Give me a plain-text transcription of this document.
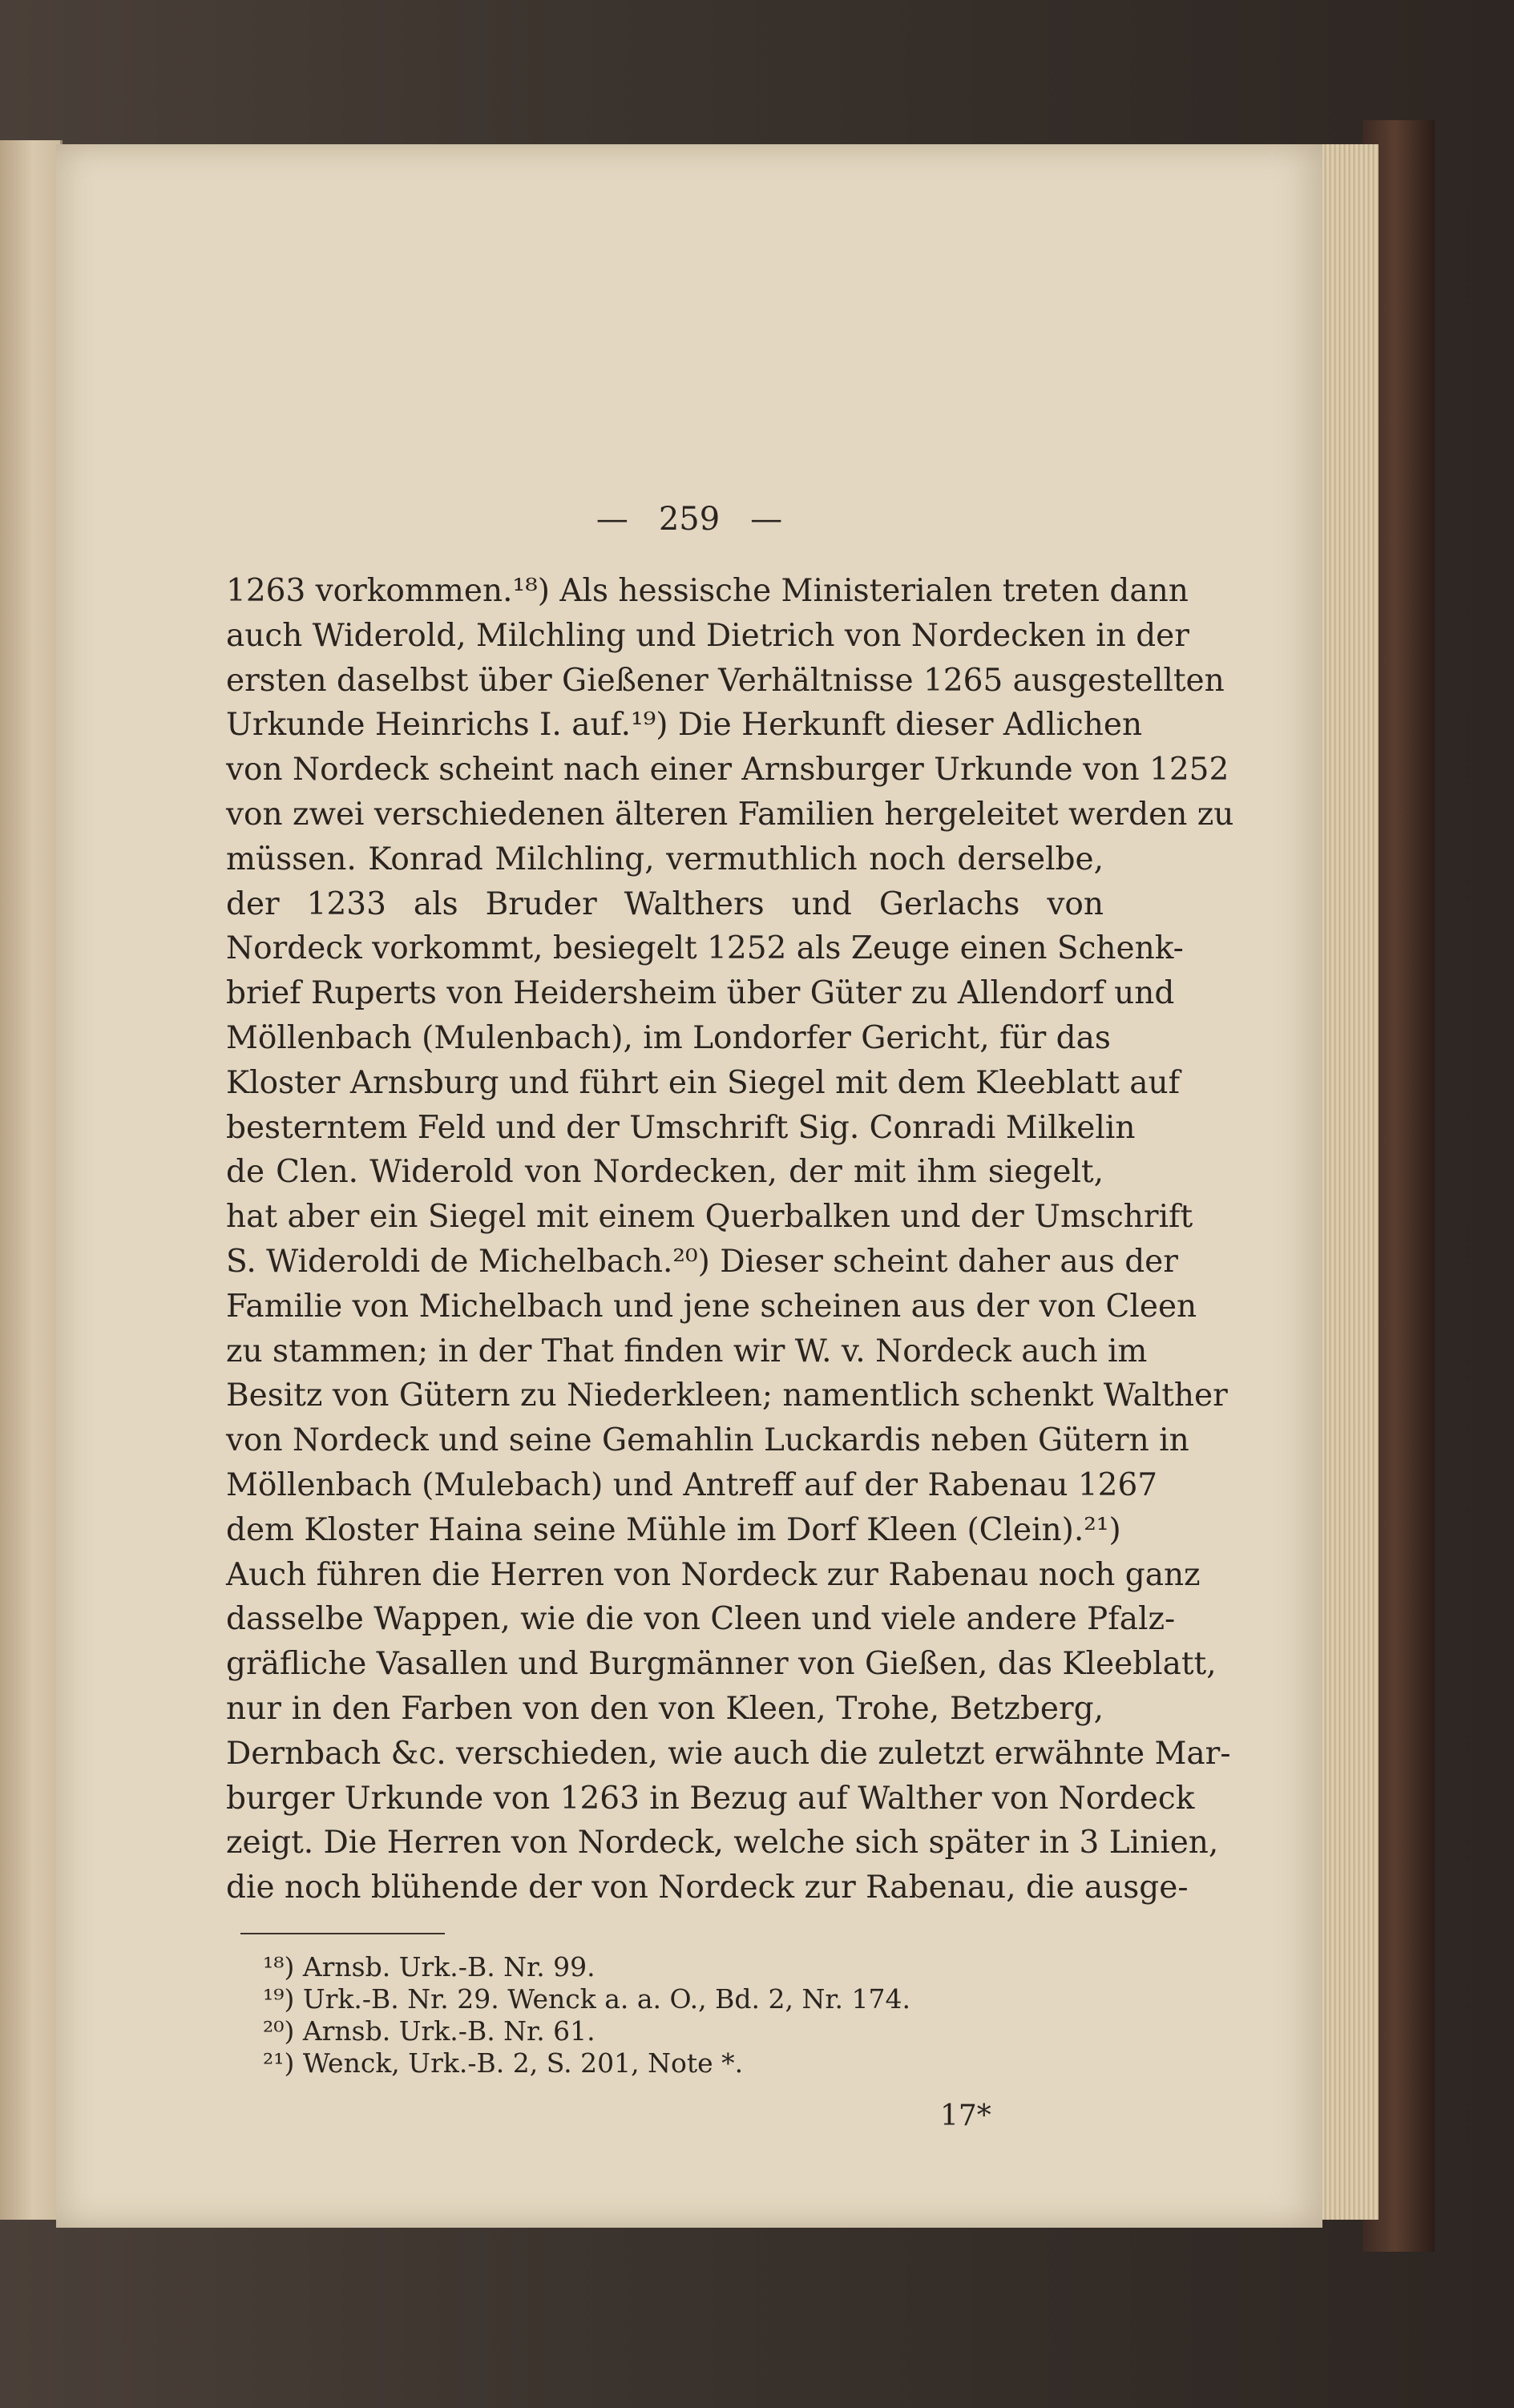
— 259 —
1263 vorkommen.¹⁸) Als hessische Ministerialen treten dann
auch Widerold, Milchling und Dietrich von Nordecken in der
ersten daselbst über Gießener Verhältnisse 1265 ausgestellten
Urkunde Heinrichs I. auf.¹⁹) Die Herkunft dieser Adlichen
von Nordeck scheint nach einer Arnsburger Urkunde von 1252
von zwei verschiedenen älteren Familien hergeleitet werden zu
müssen. Konrad Milchling, vermuthlich noch derselbe,
der 1233 als Bruder Walthers und Gerlachs von
Nordeck vorkommt, besiegelt 1252 als Zeuge einen Schenk-
brief Ruperts von Heidersheim über Güter zu Allendorf und
Möllenbach (Mulenbach), im Londorfer Gericht, für das
Kloster Arnsburg und führt ein Siegel mit dem Kleeblatt auf
besterntem Feld und der Umschrift Sig. Conradi Milkelin
de Clen. Widerold von Nordecken, der mit ihm siegelt,
hat aber ein Siegel mit einem Querbalken und der Umschrift
S. Wideroldi de Michelbach.²⁰) Dieser scheint daher aus der
Familie von Michelbach und jene scheinen aus der von Cleen
zu stammen; in der That finden wir W. v. Nordeck auch im
Besitz von Gütern zu Niederkleen; namentlich schenkt Walther
von Nordeck und seine Gemahlin Luckardis neben Gütern in
Möllenbach (Mulebach) und Antreff auf der Rabenau 1267
dem Kloster Haina seine Mühle im Dorf Kleen (Clein).²¹)
Auch führen die Herren von Nordeck zur Rabenau noch ganz
dasselbe Wappen, wie die von Cleen und viele andere Pfalz-
gräfliche Vasallen und Burgmänner von Gießen, das Kleeblatt,
nur in den Farben von den von Kleen, Trohe, Betzberg,
Dernbach &c. verschieden, wie auch die zuletzt erwähnte Mar-
burger Urkunde von 1263 in Bezug auf Walther von Nordeck
zeigt. Die Herren von Nordeck, welche sich später in 3 Linien,
die noch blühende der von Nordeck zur Rabenau, die ausge-
¹⁸) Arnsb. Urk.-B. Nr. 99.
¹⁹) Urk.-B. Nr. 29. Wenck a. a. O., Bd. 2, Nr. 174.
²⁰) Arnsb. Urk.-B. Nr. 61.
²¹) Wenck, Urk.-B. 2, S. 201, Note *.
17*
